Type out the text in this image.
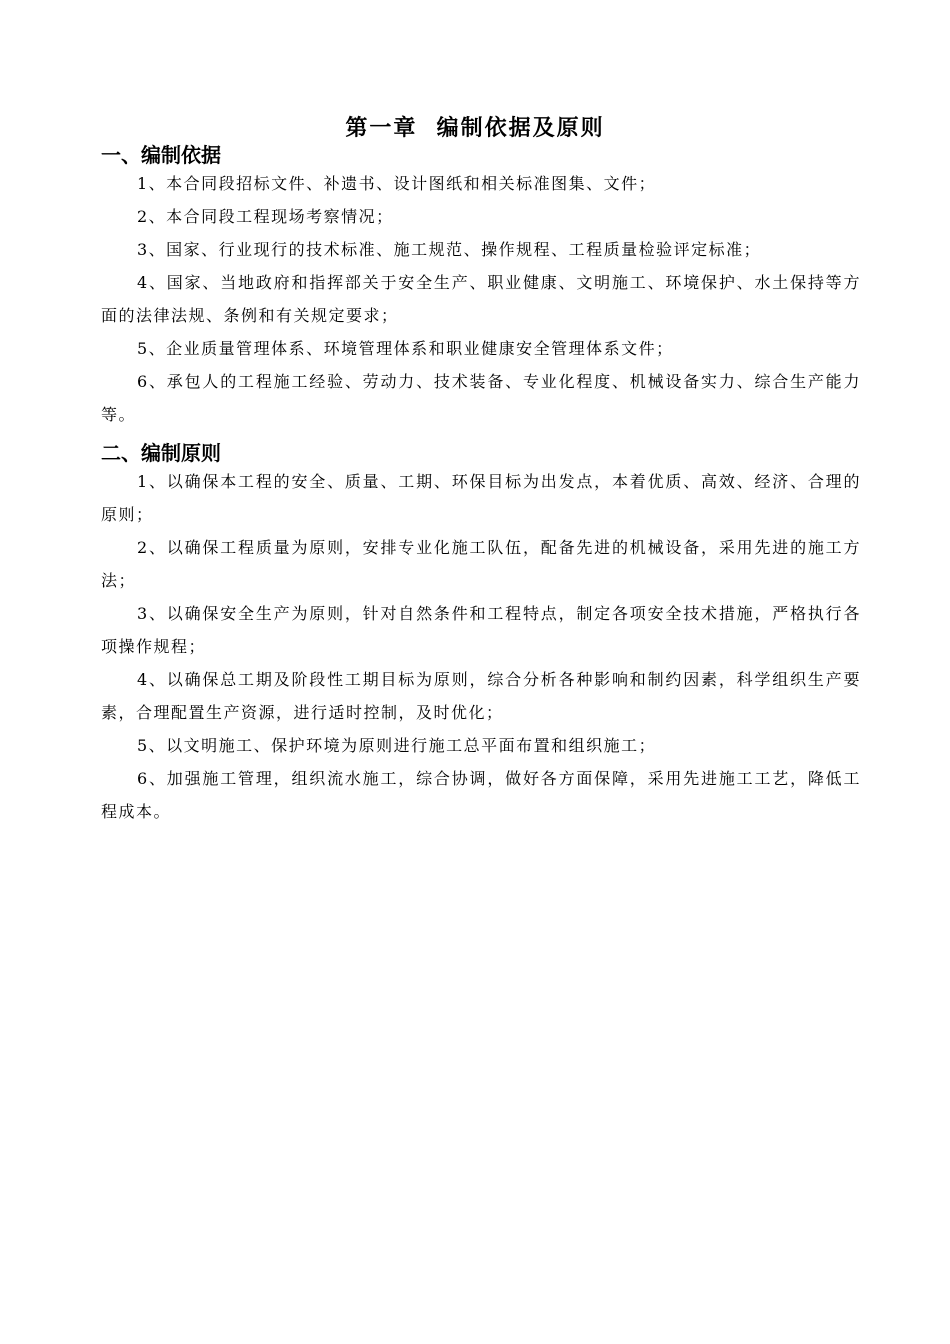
第一章  编制依据及原则
一、编制依据

1、本合同段招标文件、补遗书、设计图纸和相关标准图集、文件；

2、本合同段工程现场考察情况；

3、国家、行业现行的技术标准、施工规范、操作规程、工程质量检验评定标准；

4、国家、当地政府和指挥部关于安全生产、职业健康、文明施工、环境保护、水土保持等方面的法律法规、条例和有关规定要求；

5、企业质量管理体系、环境管理体系和职业健康安全管理体系文件；

6、承包人的工程施工经验、劳动力、技术装备、专业化程度、机械设备实力、综合生产能力等。

二、编制原则

1、以确保本工程的安全、质量、工期、环保目标为出发点，本着优质、高效、经济、合理的原则；

2、以确保工程质量为原则，安排专业化施工队伍，配备先进的机械设备，采用先进的施工方法；

3、以确保安全生产为原则，针对自然条件和工程特点，制定各项安全技术措施，严格执行各项操作规程；

4、以确保总工期及阶段性工期目标为原则，综合分析各种影响和制约因素，科学组织生产要素，合理配置生产资源，进行适时控制，及时优化；

5、以文明施工、保护环境为原则进行施工总平面布置和组织施工；

6、加强施工管理，组织流水施工，综合协调，做好各方面保障，采用先进施工工艺，降低工程成本。
